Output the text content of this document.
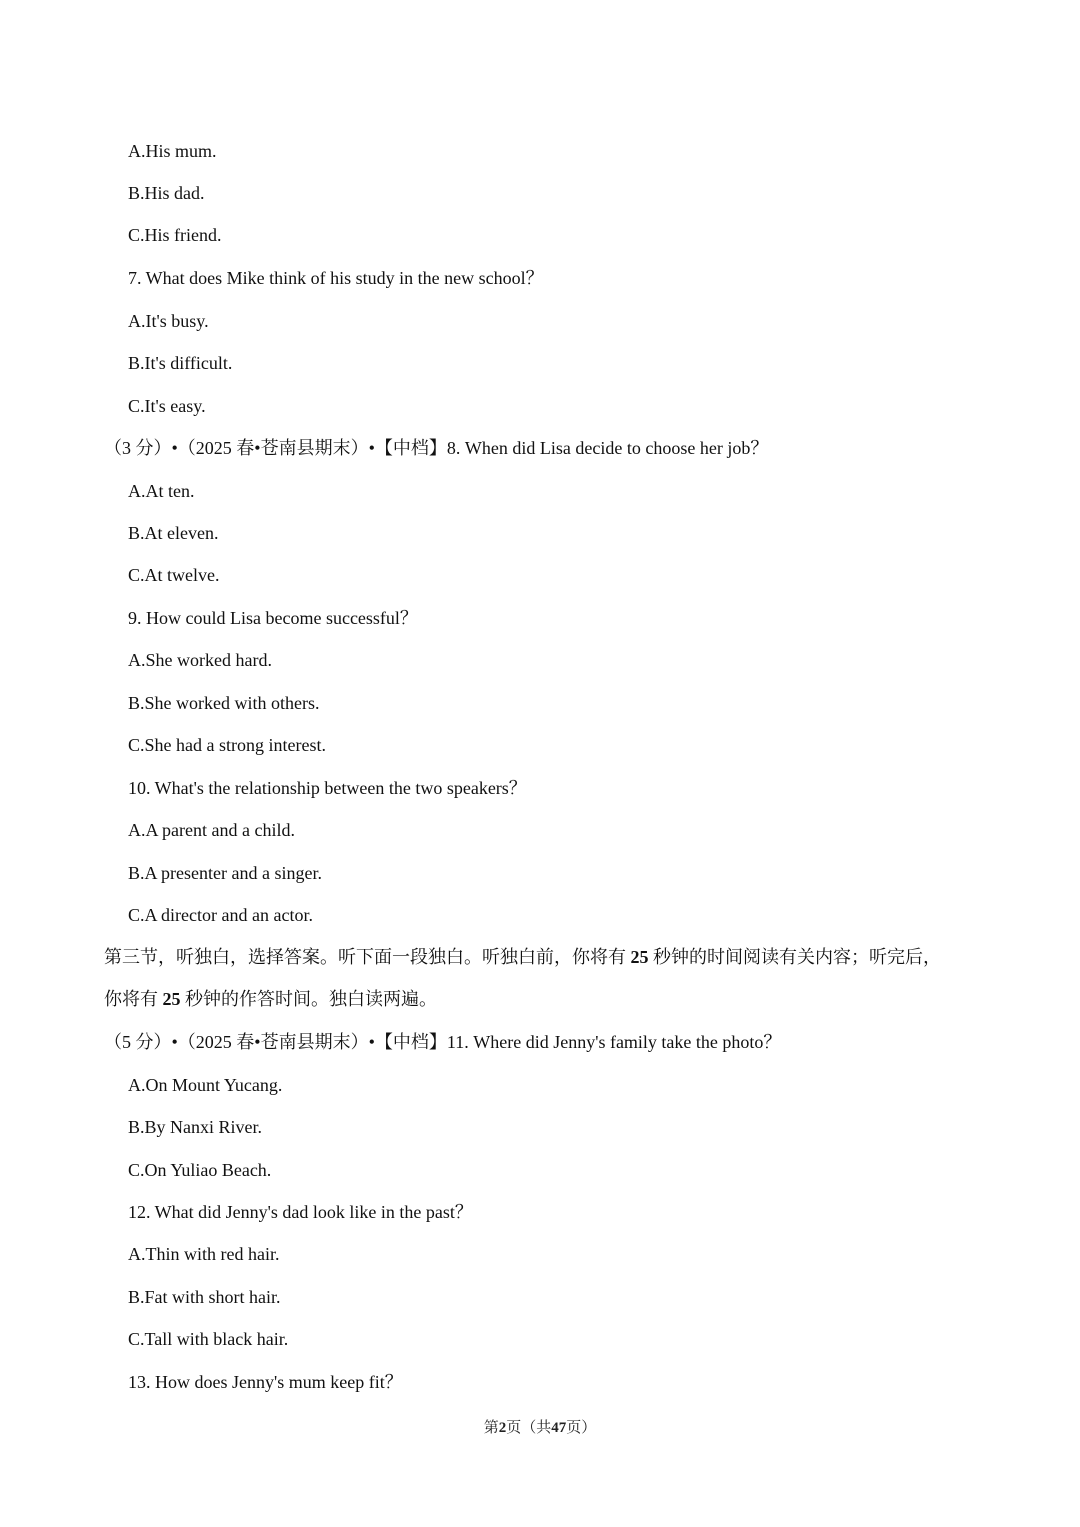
A.His mum.
B.His dad.
C.His friend.
7. What does Mike think of his study in the new school？
A.It's busy.
B.It's difficult.
C.It's easy.
（3 分）•（2025 春•苍南县期末）•【中档】8. When did Lisa decide to choose her job？
A.At ten.
B.At eleven.
C.At twelve.
9. How could Lisa become successful？
A.She worked hard.
B.She worked with others.
C.She had a strong interest.
10. What's the relationship between the two speakers？
A.A parent and a child.
B.A presenter and a singer.
C.A director and an actor.
第三节，听独白，选择答案。听下面一段独白。听独白前，你将有 25 秒钟的时间阅读有关内容；听完后，
你将有 25 秒钟的作答时间。独白读两遍。
（5 分）•（2025 春•苍南县期末）•【中档】11. Where did Jenny's family take the photo？
A.On Mount Yucang.
B.By Nanxi River.
C.On Yuliao Beach.
12. What did Jenny's dad look like in the past？
A.Thin with red hair.
B.Fat with short hair.
C.Tall with black hair.
13. How does Jenny's mum keep fit？
第2页（共47页）
